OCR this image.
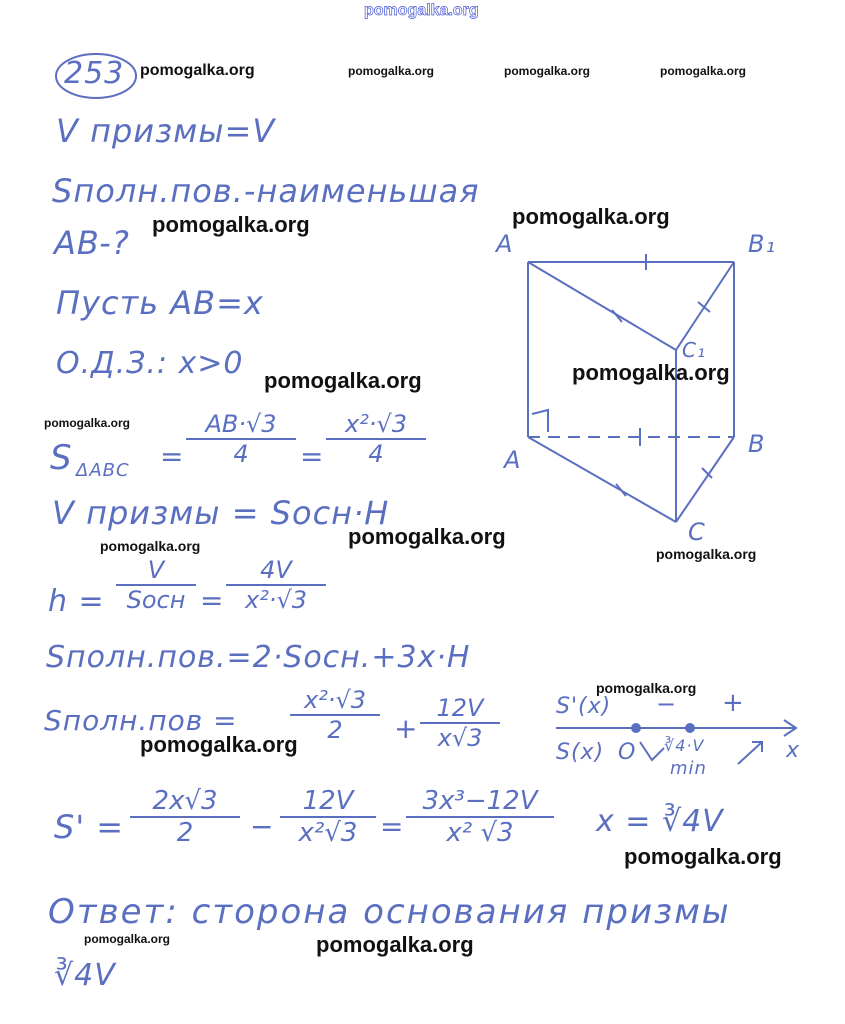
pomogalka.org
253 pomogalka.org	pomogalka.org	pomogalka.org	pomogalka.org
V призмы=V
Sполн.пов.-наименьшая
AB-? pomogalka.org	pomogalka.org
Пусть AB=x
О.Д.З.: x>0 pomogalka.org	pomogalka.org
pomogalka.org
S $\Delta ABC = \frac{AB\cdot√3}{4} = \frac{\text{x²·√3}}{4}$
A	B₁
C₁
A
B
C
V призмы = Sосн·H
pomogalka.org
pomogalka.org	pomogalka.org
h =
V
Sосн = $\frac{4V}{\text{x²·√3}}$
Sполн.пов.=2·Sосн.+3x·H
Sполн.пов = $\frac{\text{x²·√3}}{2} + \frac{12V}{x√3}$
pomogalka.org
pomogalka.org
S'(x) − +
S(x) O ∛4·V
min
x
$S' = \frac{2x√3}{2} - \frac{12V}{\text{x²√3}} = \frac{\text{3x³−12V}}{\text{x² √3}}$ x = ∛4V
pomogalka.org
Ответ: сторона основания призмы
pomogalka.org	pomogalka.org
∛4V
